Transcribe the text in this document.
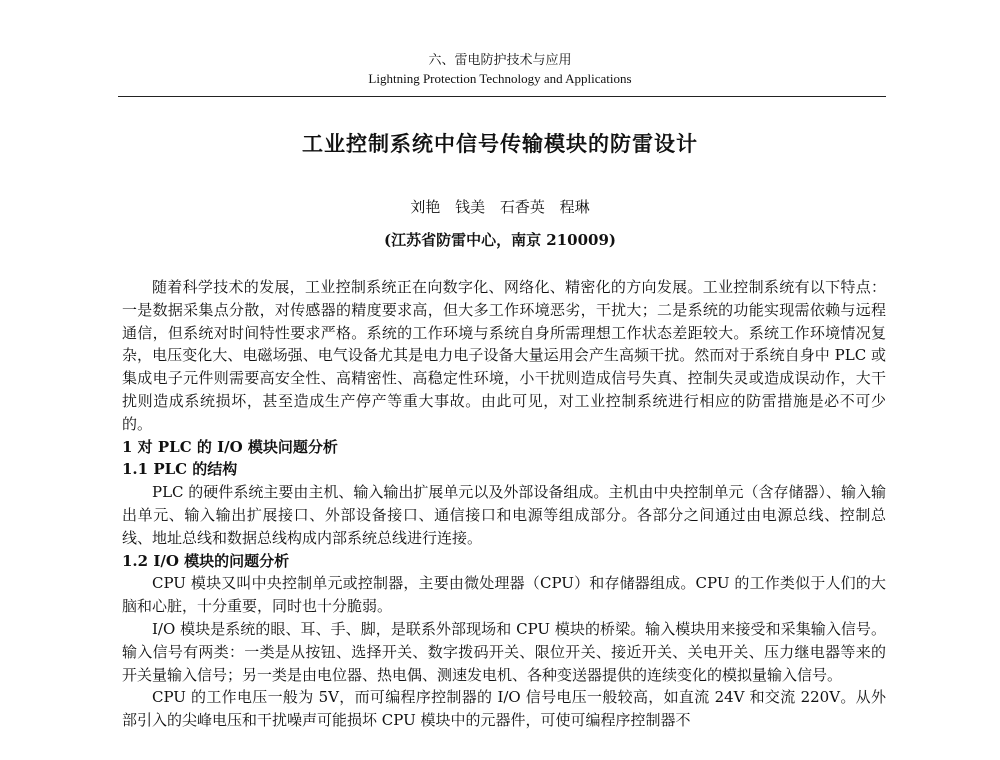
六、雷电防护技术与应用
Lightning Protection Technology and Applications
工业控制系统中信号传输模块的防雷设计
刘艳 钱美 石香英 程琳
(江苏省防雷中心，南京 210009)

随着科学技术的发展，工业控制系统正在向数字化、网络化、精密化的方向发展。工业控制系统有以下特点：一是数据采集点分散，对传感器的精度要求高，但大多工作环境恶劣，干扰大；二是系统的功能实现需依赖与远程通信，但系统对时间特性要求严格。系统的工作环境与系统自身所需理想工作状态差距较大。系统工作环境情况复杂，电压变化大、电磁场强、电气设备尤其是电力电子设备大量运用会产生高频干扰。然而对于系统自身中 PLC 或集成电子元件则需要高安全性、高精密性、高稳定性环境，小干扰则造成信号失真、控制失灵或造成误动作，大干扰则造成系统损坏，甚至造成生产停产等重大事故。由此可见，对工业控制系统进行相应的防雷措施是必不可少的。

1 对 PLC 的 I/O 模块问题分析
1.1 PLC 的结构

PLC 的硬件系统主要由主机、输入输出扩展单元以及外部设备组成。主机由中央控制单元（含存储器）、输入输出单元、输入输出扩展接口、外部设备接口、通信接口和电源等组成部分。各部分之间通过由电源总线、控制总线、地址总线和数据总线构成内部系统总线进行连接。

1.2 I/O 模块的问题分析

CPU 模块又叫中央控制单元或控制器，主要由微处理器（CPU）和存储器组成。CPU 的工作类似于人们的大脑和心脏，十分重要，同时也十分脆弱。

I/O 模块是系统的眼、耳、手、脚，是联系外部现场和 CPU 模块的桥梁。输入模块用来接受和采集输入信号。输入信号有两类：一类是从按钮、选择开关、数字拨码开关、限位开关、接近开关、关电开关、压力继电器等来的开关量输入信号；另一类是由电位器、热电偶、测速发电机、各种变送器提供的连续变化的模拟量输入信号。

CPU 的工作电压一般为 5V，而可编程序控制器的 I/O 信号电压一般较高，如直流 24V 和交流 220V。从外部引入的尖峰电压和干扰噪声可能损坏 CPU 模块中的元器件，可使可编程序控制器不
